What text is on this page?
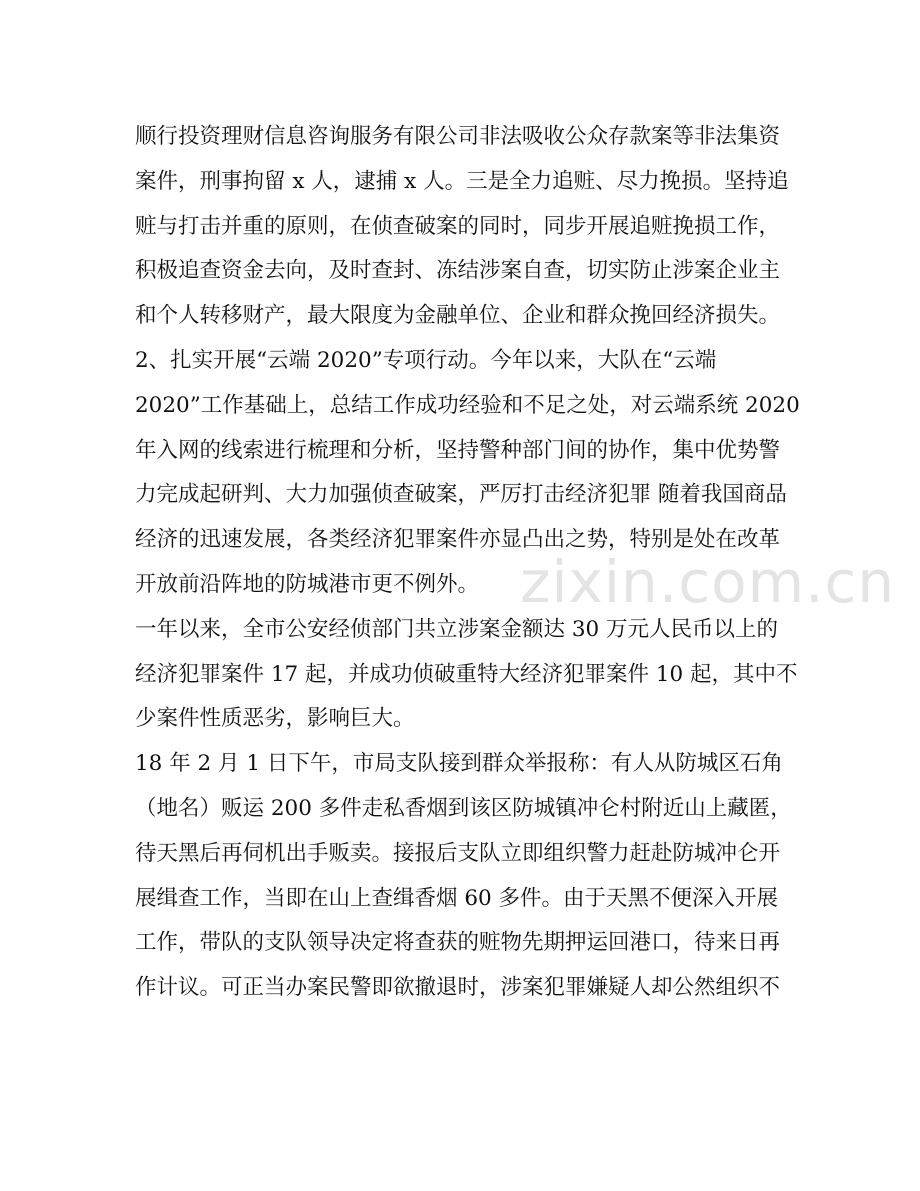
zixin.com.cn
顺行投资理财信息咨询服务有限公司非法吸收公众存款案等非法集资
案件，刑事拘留 x 人，逮捕 x 人。三是全力追赃、尽力挽损。坚持追
赃与打击并重的原则，在侦查破案的同时，同步开展追赃挽损工作，
积极追查资金去向，及时查封、冻结涉案自查，切实防止涉案企业主
和个人转移财产，最大限度为金融单位、企业和群众挽回经济损失。
2、扎实开展“云端 2020”专项行动。今年以来，大队在“云端
2020”工作基础上，总结工作成功经验和不足之处，对云端系统 2020
年入网的线索进行梳理和分析，坚持警种部门间的协作，集中优势警
力完成起研判、大力加强侦查破案，严厉打击经济犯罪 随着我国商品
经济的迅速发展，各类经济犯罪案件亦显凸出之势，特别是处在改革
开放前沿阵地的防城港市更不例外。
一年以来，全市公安经侦部门共立涉案金额达 30 万元人民币以上的
经济犯罪案件 17 起，并成功侦破重特大经济犯罪案件 10 起，其中不
少案件性质恶劣，影响巨大。
18 年 2 月 1 日下午，市局支队接到群众举报称：有人从防城区石角
（地名）贩运 200 多件走私香烟到该区防城镇冲仑村附近山上藏匿，
待天黑后再伺机出手贩卖。接报后支队立即组织警力赶赴防城冲仑开
展缉查工作，当即在山上查缉香烟 60 多件。由于天黑不便深入开展
工作，带队的支队领导决定将查获的赃物先期押运回港口，待来日再
作计议。可正当办案民警即欲撤退时，涉案犯罪嫌疑人却公然组织不
